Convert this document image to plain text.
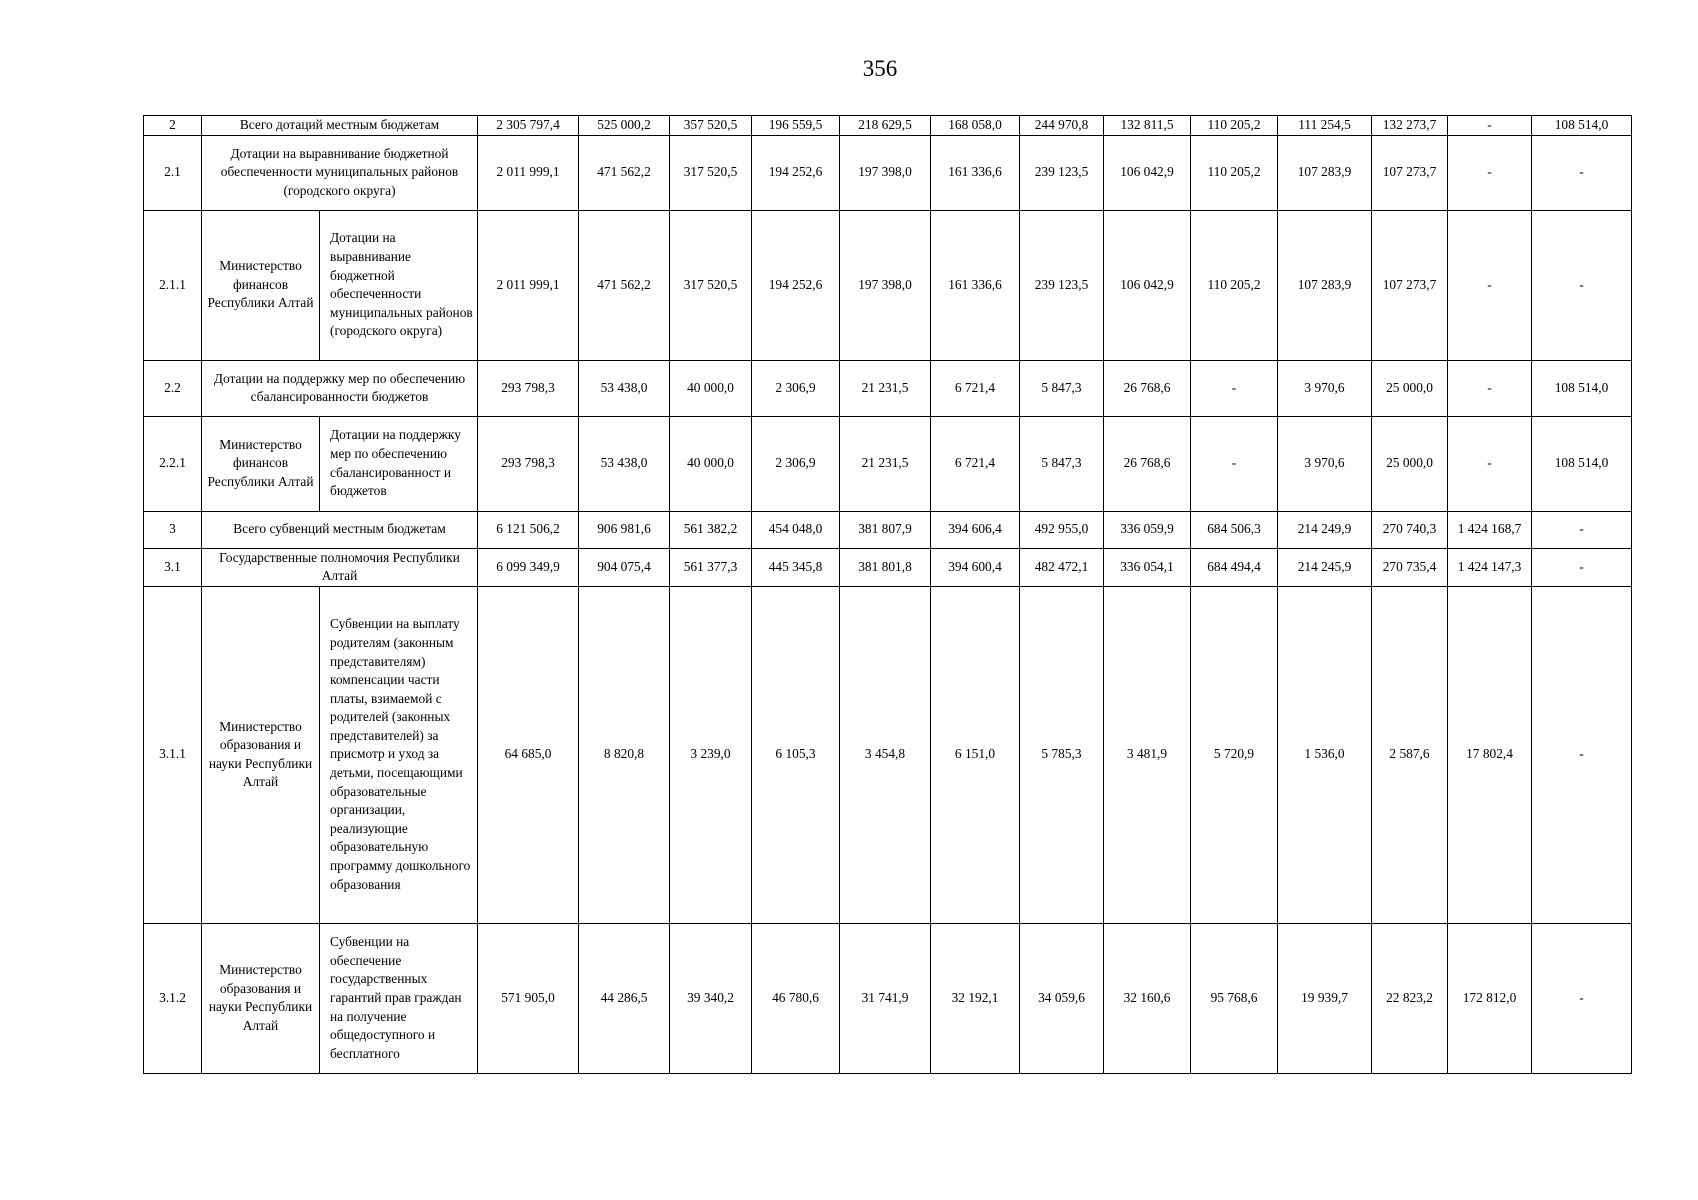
356
2	Всего дотаций местным бюджетам		2 305 797,4	525 000,2	357 520,5	196 559,5	218 629,5	168 058,0	244 970,8	132 811,5	110 205,2	111 254,5	132 273,7	-	108 514,0
2.1	Дотации на выравнивание бюджетной обеспеченности муниципальных районов (городского округа)		2 011 999,1	471 562,2	317 520,5	194 252,6	197 398,0	161 336,6	239 123,5	106 042,9	110 205,2	107 283,9	107 273,7	-	-
2.1.1	Министерство финансов Республики Алтай	Дотации на выравнивание бюджетной обеспеченности муниципальных районов (городского округа)	2 011 999,1	471 562,2	317 520,5	194 252,6	197 398,0	161 336,6	239 123,5	106 042,9	110 205,2	107 283,9	107 273,7	-	-
2.2	Дотации на поддержку мер по обеспечению сбалансированности бюджетов		293 798,3	53 438,0	40 000,0	2 306,9	21 231,5	6 721,4	5 847,3	26 768,6	-	3 970,6	25 000,0	-	108 514,0
2.2.1	Министерство финансов Республики Алтай	Дотации на поддержку мер по обеспечению сбалансированност и бюджетов	293 798,3	53 438,0	40 000,0	2 306,9	21 231,5	6 721,4	5 847,3	26 768,6	-	3 970,6	25 000,0	-	108 514,0
3	Всего субвенций местным бюджетам		6 121 506,2	906 981,6	561 382,2	454 048,0	381 807,9	394 606,4	492 955,0	336 059,9	684 506,3	214 249,9	270 740,3	1 424 168,7	-
3.1	Государственные полномочия Республики Алтай		6 099 349,9	904 075,4	561 377,3	445 345,8	381 801,8	394 600,4	482 472,1	336 054,1	684 494,4	214 245,9	270 735,4	1 424 147,3	-
3.1.1	Министерство образования и науки Республики Алтай	Субвенции на выплату родителям (законным представителям) компенсации части платы, взимаемой с родителей (законных представителей) за присмотр и уход за детьми, посещающими образовательные организации, реализующие образовательную программу дошкольного образования	64 685,0	8 820,8	3 239,0	6 105,3	3 454,8	6 151,0	5 785,3	3 481,9	5 720,9	1 536,0	2 587,6	17 802,4	-
3.1.2	Министерство образования и науки Республики Алтай	Субвенции на обеспечение государственных гарантий прав граждан на получение общедоступного и бесплатного	571 905,0	44 286,5	39 340,2	46 780,6	31 741,9	32 192,1	34 059,6	32 160,6	95 768,6	19 939,7	22 823,2	172 812,0	-
